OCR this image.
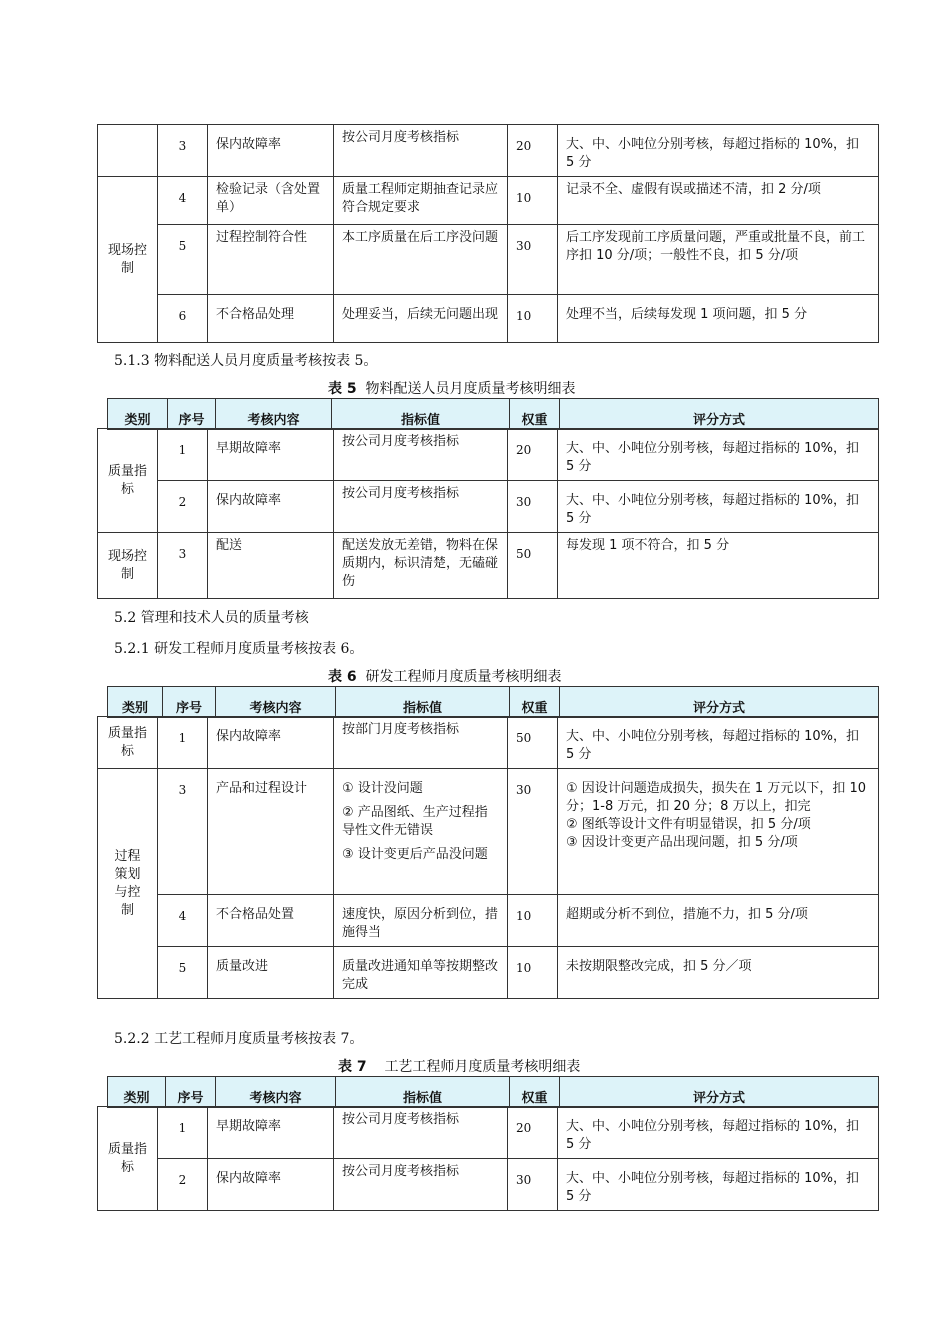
	3	保内故障率	按公司月度考核指标	20	大、中、小吨位分别考核，每超过指标的 10%，扣 5 分
现场控制	4	检验记录（含处置单）	质量工程师定期抽查记录应符合规定要求	10	记录不全、虚假有误或描述不清，扣 2 分/项
	5	过程控制符合性	本工序质量在后工序没问题	30	后工序发现前工序质量问题，严重或批量不良，前工序扣 10 分/项；一般性不良，扣 5 分/项
	6	不合格品处理	处理妥当，后续无问题出现	10	处理不当，后续每发现 1 项问题，扣 5 分
5.1.3 物料配送人员月度质量考核按表 5。
表 5 物料配送人员月度质量考核明细表
类别	序号	考核内容	指标值	权重	评分方式
质量指标	1	早期故障率	按公司月度考核指标	20	大、中、小吨位分别考核，每超过指标的 10%，扣 5 分
	2	保内故障率	按公司月度考核指标	30	大、中、小吨位分别考核，每超过指标的 10%，扣 5 分
现场控制	3	配送	配送发放无差错，物料在保质期内，标识清楚，无磕碰伤	50	每发现 1 项不符合，扣 5 分
5.2 管理和技术人员的质量考核
5.2.1 研发工程师月度质量考核按表 6。
表 6 研发工程师月度质量考核明细表
类别	序号	考核内容	指标值	权重	评分方式
质量指标	1	保内故障率	按部门月度考核指标	50	大、中、小吨位分别考核，每超过指标的 10%，扣 5 分
过程策划与控制	3	产品和过程设计	① 设计没问题
② 产品图纸、生产过程指导性文件无错误
③ 设计变更后产品没问题	30	① 因设计问题造成损失，损失在 1 万元以下，扣 10 分；1-8 万元，扣 20 分；8 万以上，扣完
② 图纸等设计文件有明显错误，扣 5 分/项
③ 因设计变更产品出现问题，扣 5 分/项

	4	不合格品处置	速度快，原因分析到位，措施得当	10	超期或分析不到位，措施不力，扣 5 分/项
	5	质量改进	质量改进通知单等按期整改完成	10	未按期限整改完成，扣 5 分／项
5.2.2 工艺工程师月度质量考核按表 7。
表 7 工艺工程师月度质量考核明细表
类别	序号	考核内容	指标值	权重	评分方式
质量指标	1	早期故障率	按公司月度考核指标	20	大、中、小吨位分别考核，每超过指标的 10%，扣 5 分
	2	保内故障率	按公司月度考核指标	30	大、中、小吨位分别考核，每超过指标的 10%，扣 5 分
